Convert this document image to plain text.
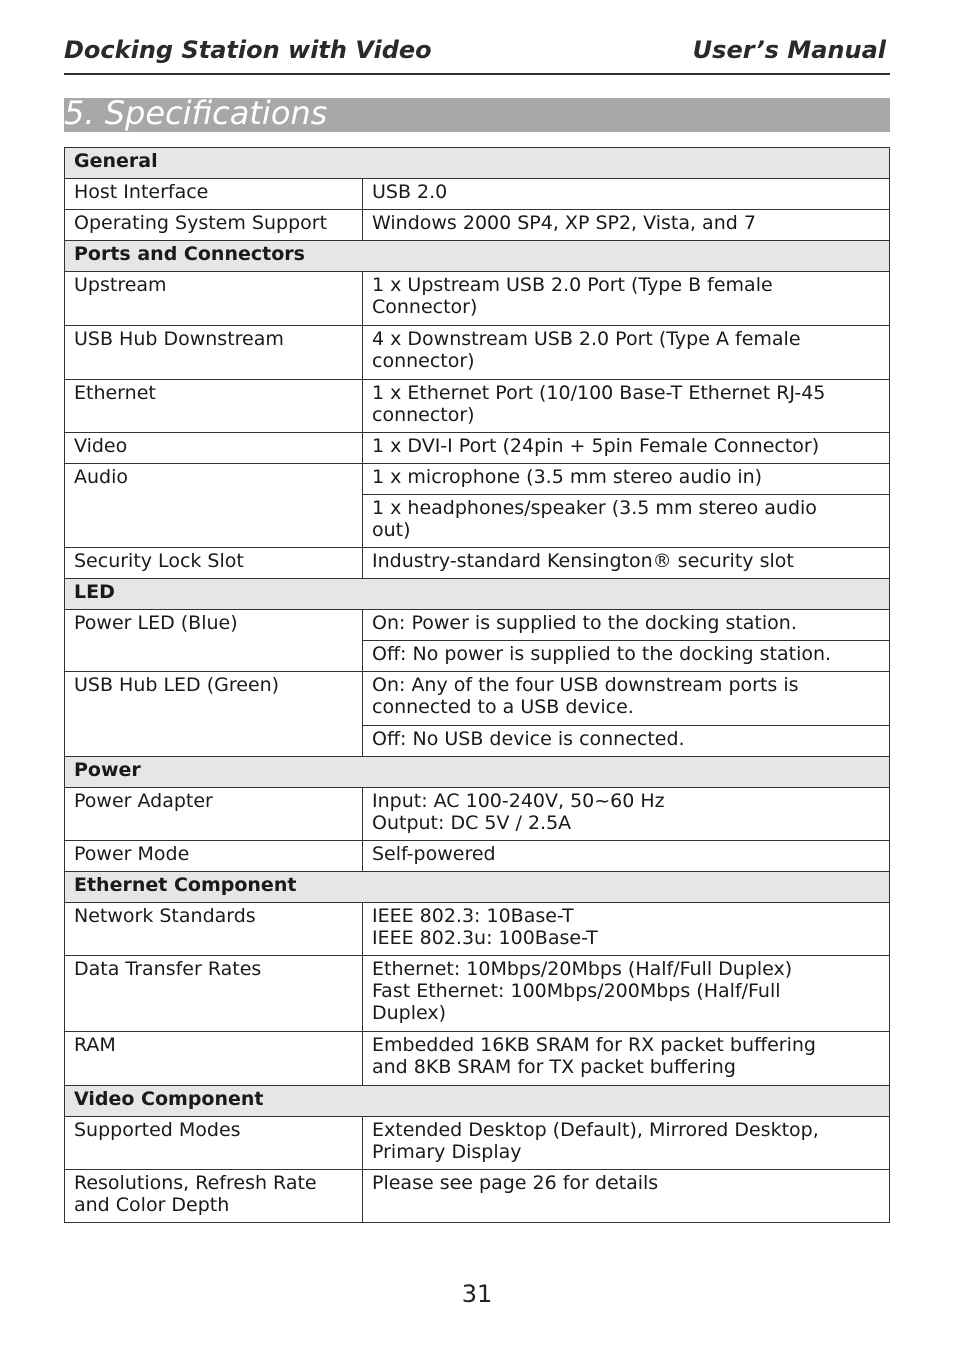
Docking Station with Video	User’s Manual
5. Specifications
General	
Host Interface	USB 2.0
Operating System Support	Windows 2000 SP4, XP SP2, Vista, and 7
Ports and Connectors	
Upstream	1 x Upstream USB 2.0 Port (Type B female
Connector)
USB Hub Downstream	4 x Downstream USB 2.0 Port (Type A female
connector)
Ethernet	1 x Ethernet Port (10/100 Base-T Ethernet RJ-45
connector)
Video	1 x DVI-I Port (24pin + 5pin Female Connector)
Audio	1 x microphone (3.5 mm stereo audio in)
	1 x headphones/speaker (3.5 mm stereo audio
out)
Security Lock Slot	Industry-standard Kensington® security slot
LED	
Power LED (Blue)	On: Power is supplied to the docking station.
	Off: No power is supplied to the docking station.
USB Hub LED (Green)	On: Any of the four USB downstream ports is
connected to a USB device.
	Off: No USB device is connected.
Power	
Power Adapter	Input: AC 100-240V, 50~60 Hz
Output: DC 5V / 2.5A
Power Mode	Self-powered
Ethernet Component	
Network Standards	IEEE 802.3: 10Base-T
IEEE 802.3u: 100Base-T
Data Transfer Rates	Ethernet: 10Mbps/20Mbps (Half/Full Duplex)
Fast Ethernet: 100Mbps/200Mbps (Half/Full
Duplex)
RAM	Embedded 16KB SRAM for RX packet buffering
and 8KB SRAM for TX packet buffering
Video Component	
Supported Modes	Extended Desktop (Default), Mirrored Desktop,
Primary Display
Resolutions, Refresh Rate
and Color Depth	Please see page 26 for details
31
